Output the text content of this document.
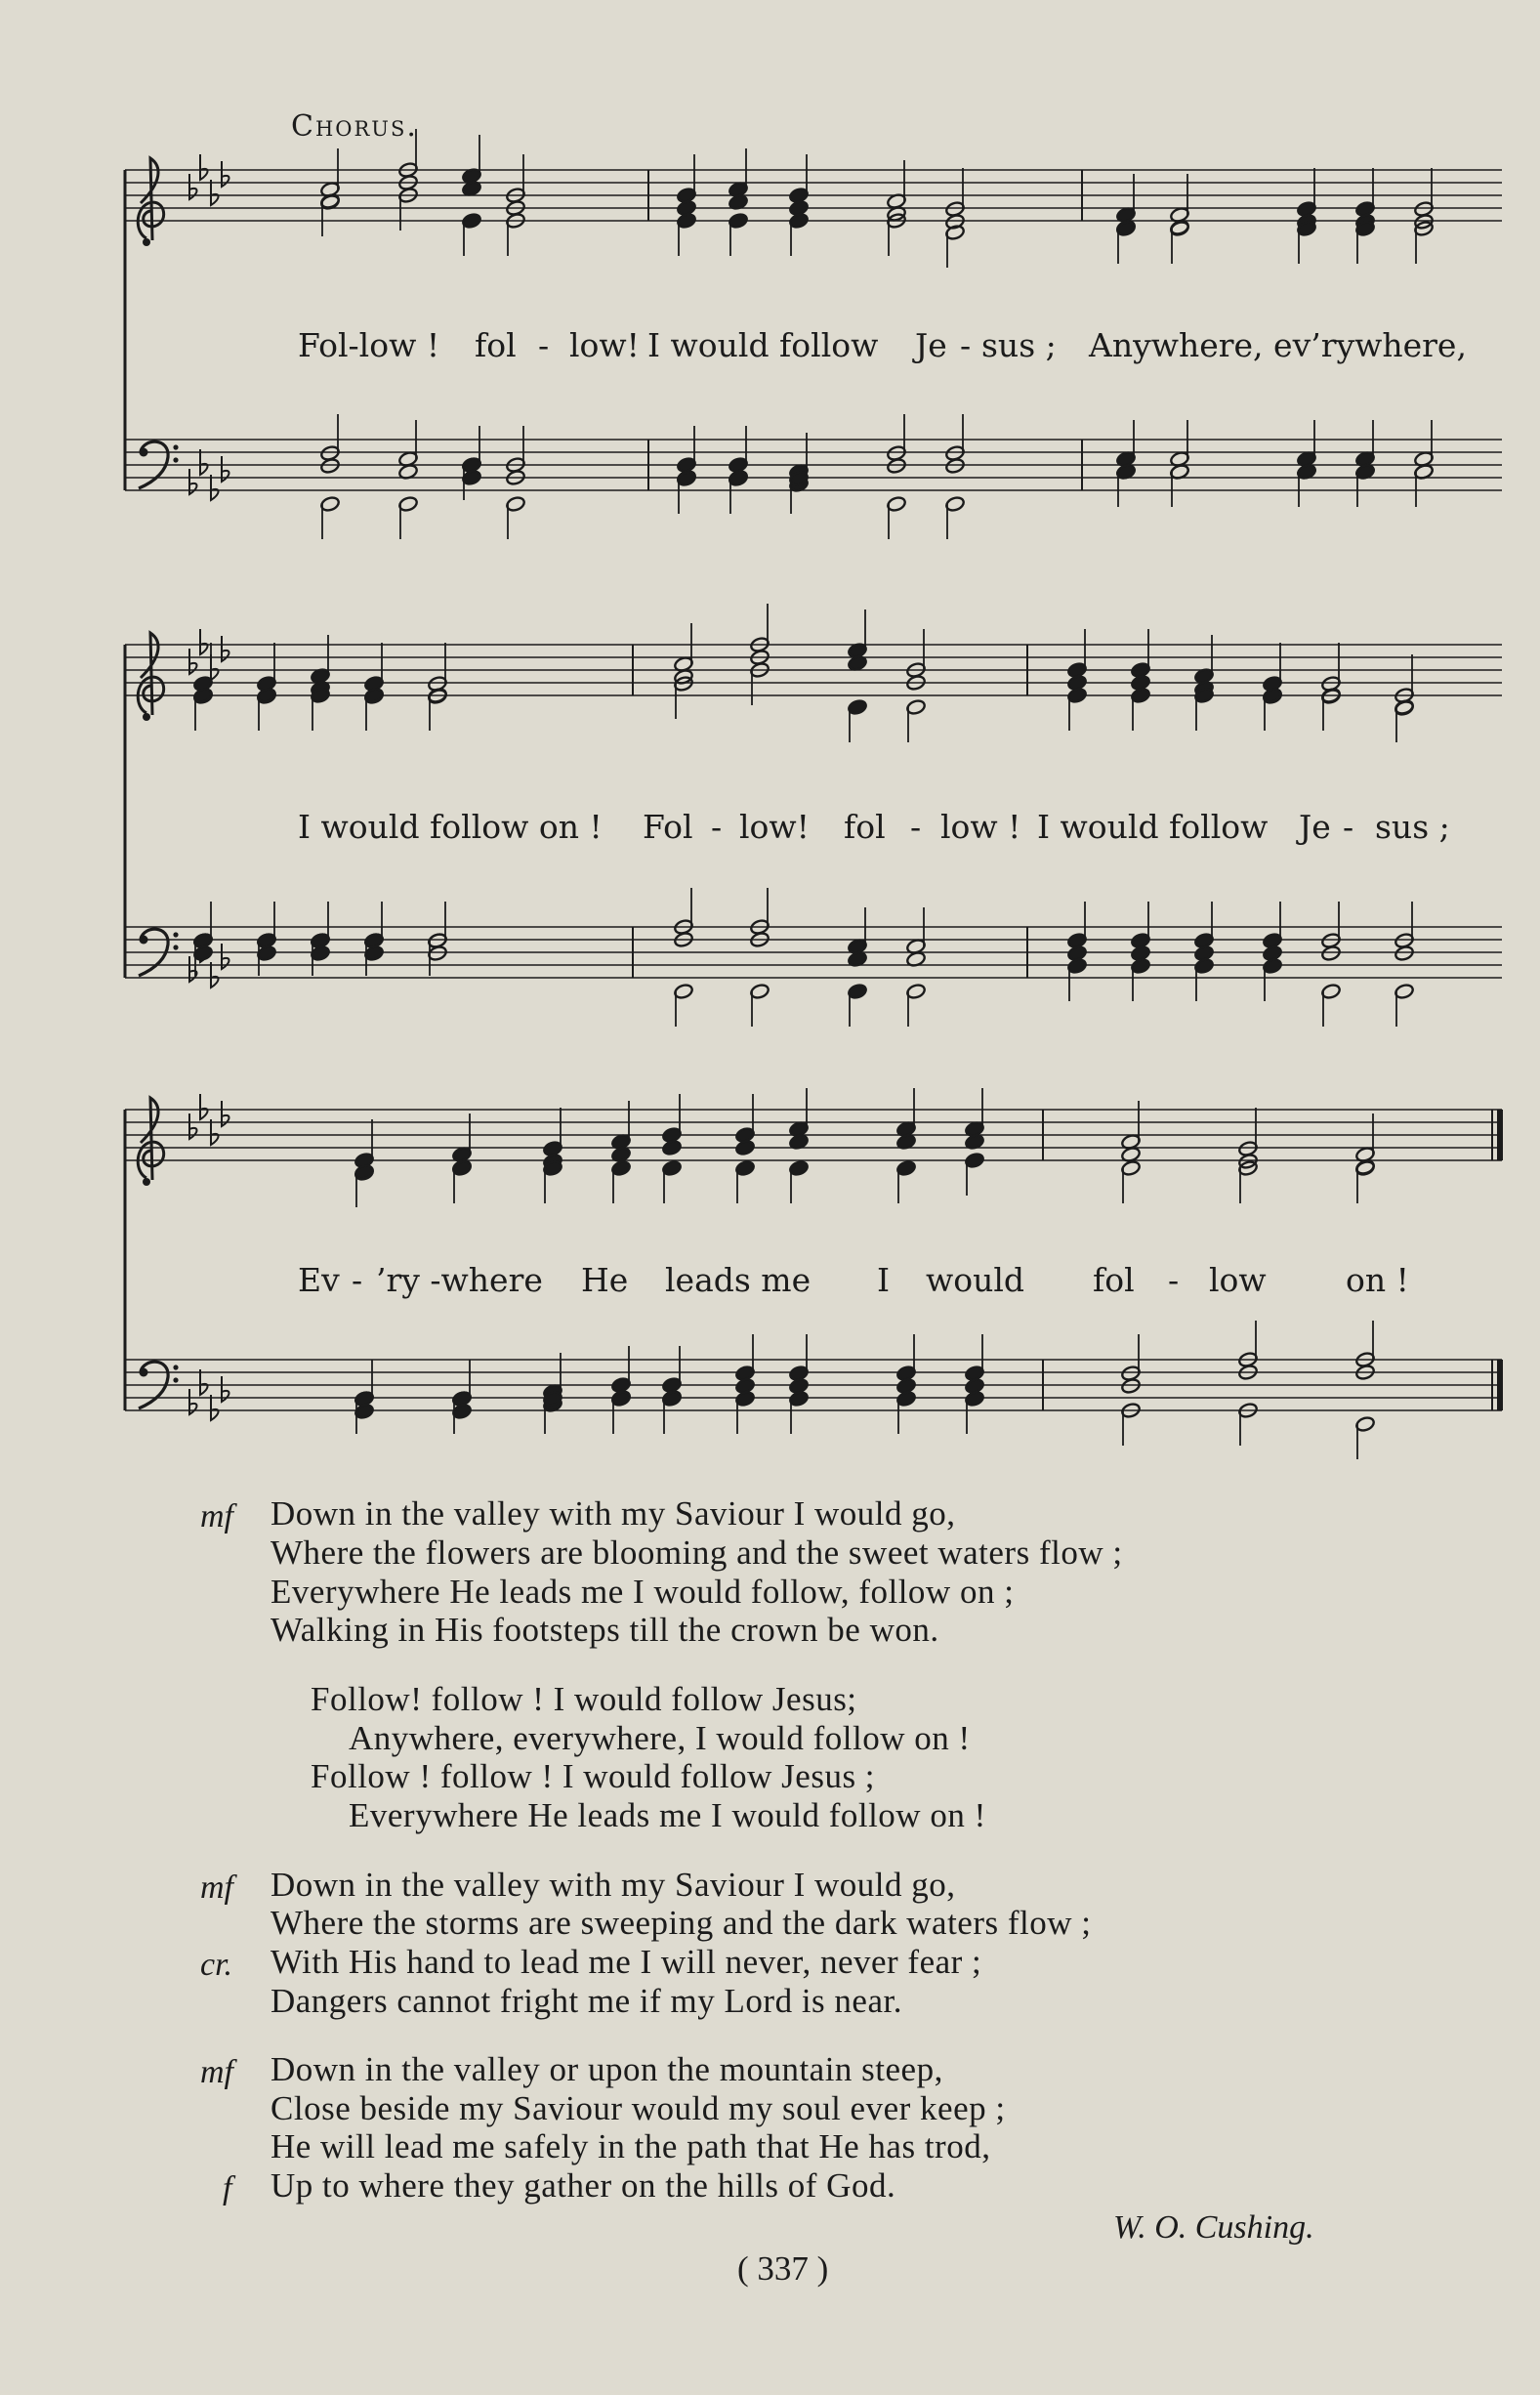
Chorus.
Fol-low ! fol - low! I would follow Je - sus ; Anywhere, ev’rywhere,
I would follow on ! Fol - low! fol - low ! I would follow Je - sus ;
Ev - ’ry -where He leads me I would fol - low on !
mf Down in the valley with my Saviour I would go,
Where the flowers are blooming and the sweet waters flow ;
Everywhere He leads me I would follow, follow on ;
Walking in His footsteps till the crown be won.
Follow! follow ! I would follow Jesus;
Anywhere, everywhere, I would follow on !
Follow ! follow ! I would follow Jesus ;
Everywhere He leads me I would follow on !
mf Down in the valley with my Saviour I would go,
Where the storms are sweeping and the dark waters flow ;
cr. With His hand to lead me I will never, never fear ;
Dangers cannot fright me if my Lord is near.
mf Down in the valley or upon the mountain steep,
Close beside my Saviour would my soul ever keep ;
He will lead me safely in the path that He has trod,
f Up to where they gather on the hills of God.
W. O. Cushing.
( 337 )
